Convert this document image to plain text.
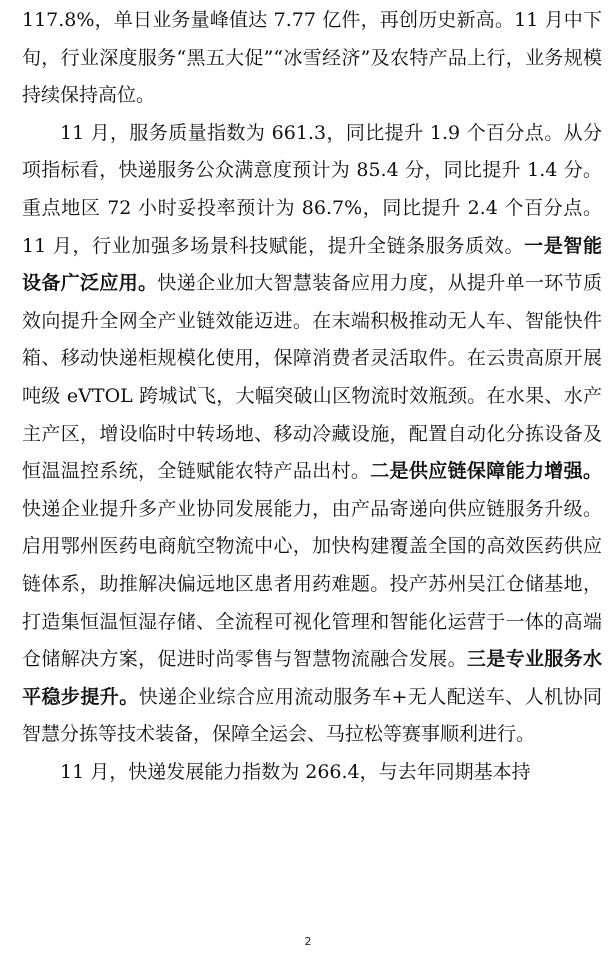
117.8%，单日业务量峰值达 7.77 亿件，再创历史新高。11 月中下旬，行业深度服务“黑五大促”“冰雪经济”及农特产品上行，业务规模持续保持高位。

11 月，服务质量指数为 661.3，同比提升 1.9 个百分点。从分项指标看，快递服务公众满意度预计为 85.4 分，同比提升 1.4 分。重点地区 72 小时妥投率预计为 86.7%，同比提升 2.4 个百分点。11 月，行业加强多场景科技赋能，提升全链条服务质效。一是智能设备广泛应用。快递企业加大智慧装备应用力度，从提升单一环节质效向提升全网全产业链效能迈进。在末端积极推动无人车、智能快件箱、移动快递柜规模化使用，保障消费者灵活取件。在云贵高原开展吨级 eVTOL 跨城试飞，大幅突破山区物流时效瓶颈。在水果、水产主产区，增设临时中转场地、移动冷藏设施，配置自动化分拣设备及恒温温控系统，全链赋能农特产品出村。二是供应链保障能力增强。快递企业提升多产业协同发展能力，由产品寄递向供应链服务升级。启用鄂州医药电商航空物流中心，加快构建覆盖全国的高效医药供应链体系，助推解决偏远地区患者用药难题。投产苏州吴江仓储基地，打造集恒温恒湿存储、全流程可视化管理和智能化运营于一体的高端仓储解决方案，促进时尚零售与智慧物流融合发展。三是专业服务水平稳步提升。快递企业综合应用流动服务车+无人配送车、人机协同智慧分拣等技术装备，保障全运会、马拉松等赛事顺利进行。

11 月，快递发展能力指数为 266.4，与去年同期基本持

2
